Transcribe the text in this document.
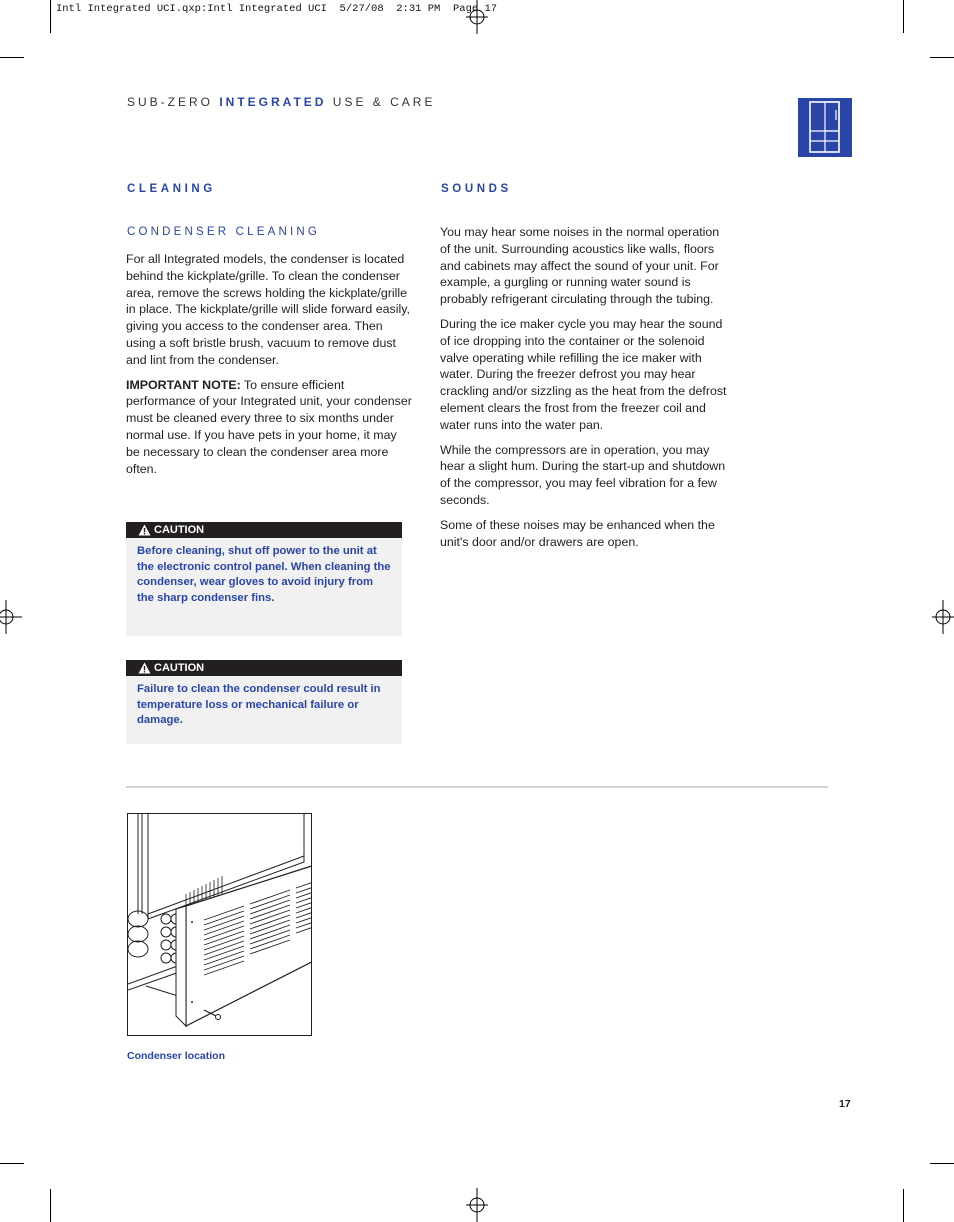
Intl Integrated UCI.qxp:Intl Integrated UCI  5/27/08  2:31 PM  Page 17
SUB-ZERO INTEGRATED USE & CARE
CLEANING
CONDENSER CLEANING

For all Integrated models, the condenser is located behind the kickplate/grille. To clean the condenser area, remove the screws holding the kickplate/grille in place. The kickplate/grille will slide forward easily, giving you access to the condenser area. Then using a soft bristle brush, vacuum to remove dust and lint from the condenser.

IMPORTANT NOTE: To ensure efficient performance of your Integrated unit, your condenser must be cleaned every three to six months under normal use. If you have pets in your home, it may be necessary to clean the condenser area more often.

CAUTION
Before cleaning, shut off power to the unit at the electronic control panel. When cleaning the condenser, wear gloves to avoid injury from the sharp condenser fins.
CAUTION
Failure to clean the condenser could result in temperature loss or mechanical failure or damage.
SOUNDS

You may hear some noises in the normal operation of the unit. Surrounding acoustics like walls, floors and cabinets may affect the sound of your unit. For example, a gurgling or running water sound is probably refrigerant circulating through the tubing.

During the ice maker cycle you may hear the sound of ice dropping into the container or the solenoid valve operating while refilling the ice maker with water. During the freezer defrost you may hear crackling and/or sizzling as the heat from the defrost element clears the frost from the freezer coil and water runs into the water pan.

While the compressors are in operation, you may hear a slight hum. During the start-up and shutdown of the compressor, you may feel vibration for a few seconds.

Some of these noises may be enhanced when the unit's door and/or drawers are open.

Condenser location
17
